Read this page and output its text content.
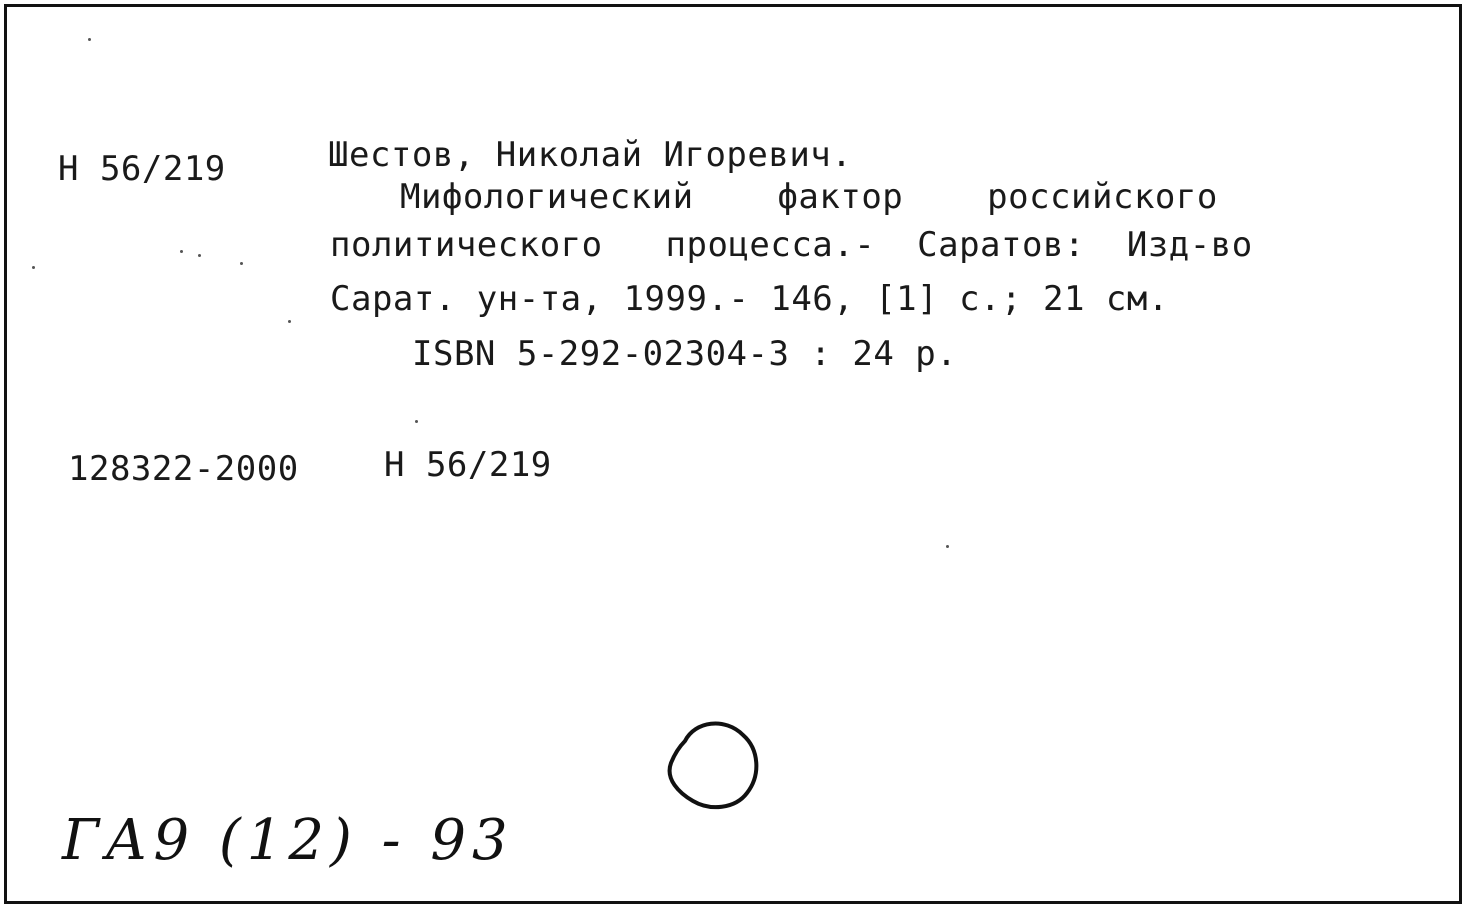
Н 56/219	Шестов, Николай Игоревич.
Мифологический    фактор    российского
политического   процесса.-  Саратов:  Изд-во
Сарат. ун-та, 1999.- 146, [1] с.; 21 см.
ISBN 5-292-02304-3 : 24 р.
128322-2000	Н 56/219
ГА9 (12) - 93
